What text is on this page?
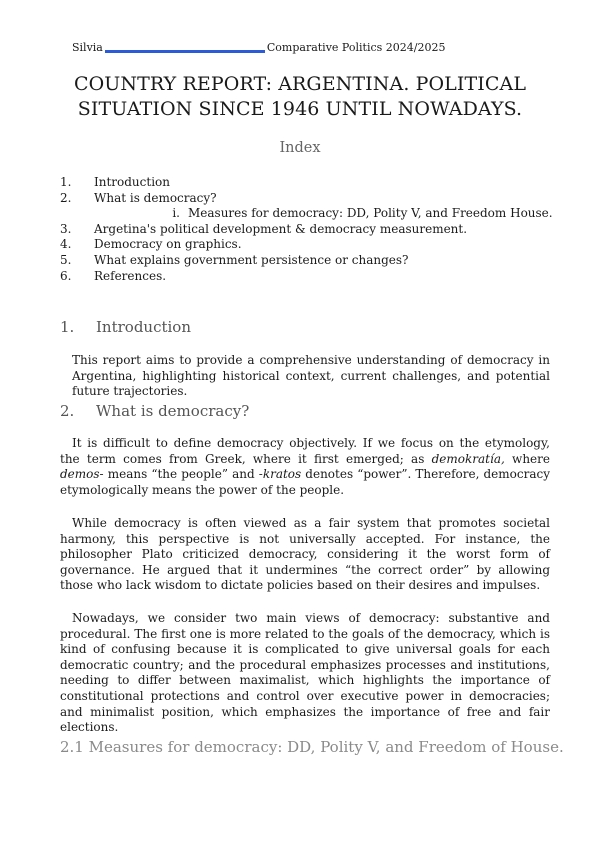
Silvia	Comparative Politics 2024/2025
COUNTRY REPORT: ARGENTINA. POLITICAL
SITUATION SINCE 1946 UNTIL NOWADAYS.
Index
1.	Introduction
2.	What is democracy?
i. Measures for democracy: DD, Polity V, and Freedom House.
3.	Argetina's political development & democracy measurement.
4.	Democracy on graphics.
5.	What explains government persistence or changes?
6.	References.
1.	Introduction
This report aims to provide a comprehensive understanding of democracy in Argentina, highlighting historical context, current challenges, and potential future trajectories.
2.	What is democracy?
It is difficult to define democracy objectively. If we focus on the etymology, the term comes from Greek, where it first emerged; as demokratía, where demos- means “the people” and -kratos denotes “power”. Therefore, democracy etymologically means the power of the people.
While democracy is often viewed as a fair system that promotes societal harmony, this perspective is not universally accepted. For instance, the philosopher Plato criticized democracy, considering it the worst form of governance. He argued that it undermines “the correct order” by allowing those who lack wisdom to dictate policies based on their desires and impulses.
Nowadays, we consider two main views of democracy: substantive and procedural. The first one is more related to the goals of the democracy, which is kind of confusing because it is complicated to give universal goals for each democratic country; and the procedural emphasizes processes and institutions, needing to differ between maximalist, which highlights the importance of constitutional protections and control over executive power in democracies; and minimalist position, which emphasizes the importance of free and fair elections.
2.1 Measures for democracy: DD, Polity V, and Freedom of House.
